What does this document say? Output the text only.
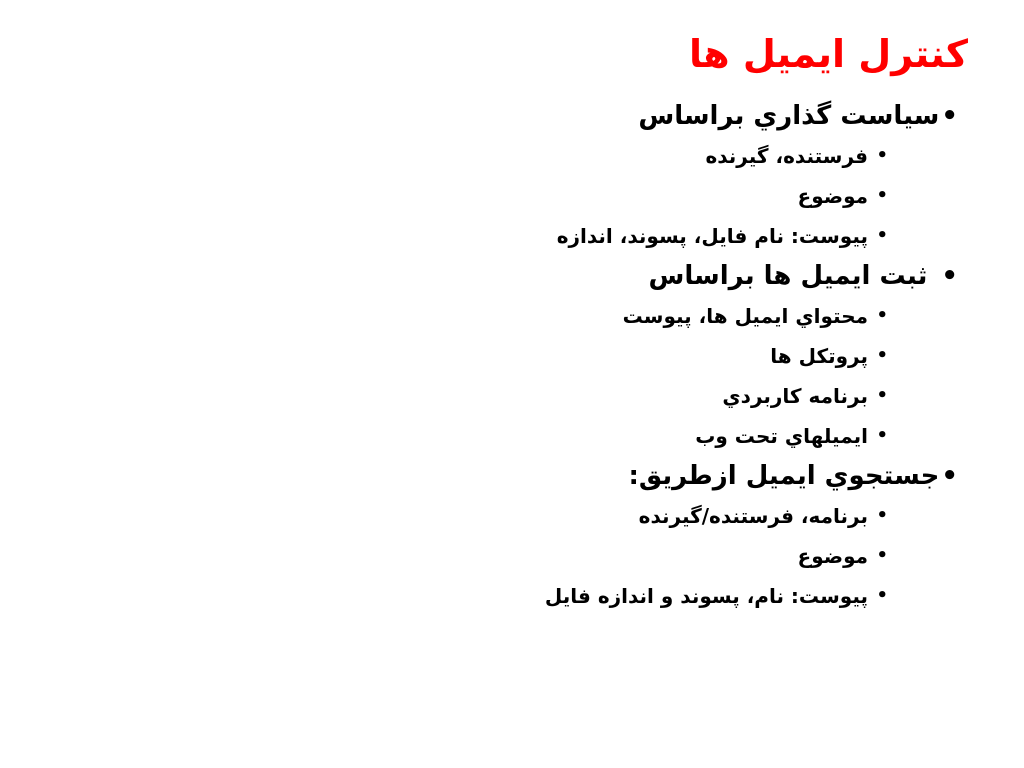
کنترل ايميل ها
•سياست گذاري براساس
•
فرستنده، گيرنده
•
موضوع
•
پيوست: نام فايل، پسوند، اندازه
•ثبت ايميل ها براساس
•
محتواي ايميل ها، پيوست
•
پروتکل ها
•
برنامه کاربردي
•
ايميلهاي تحت وب
•جستجوي ايميل ازطريق:
•
برنامه، فرستنده/گيرنده
•
موضوع
•
پيوست: نام، پسوند و اندازه فايل
